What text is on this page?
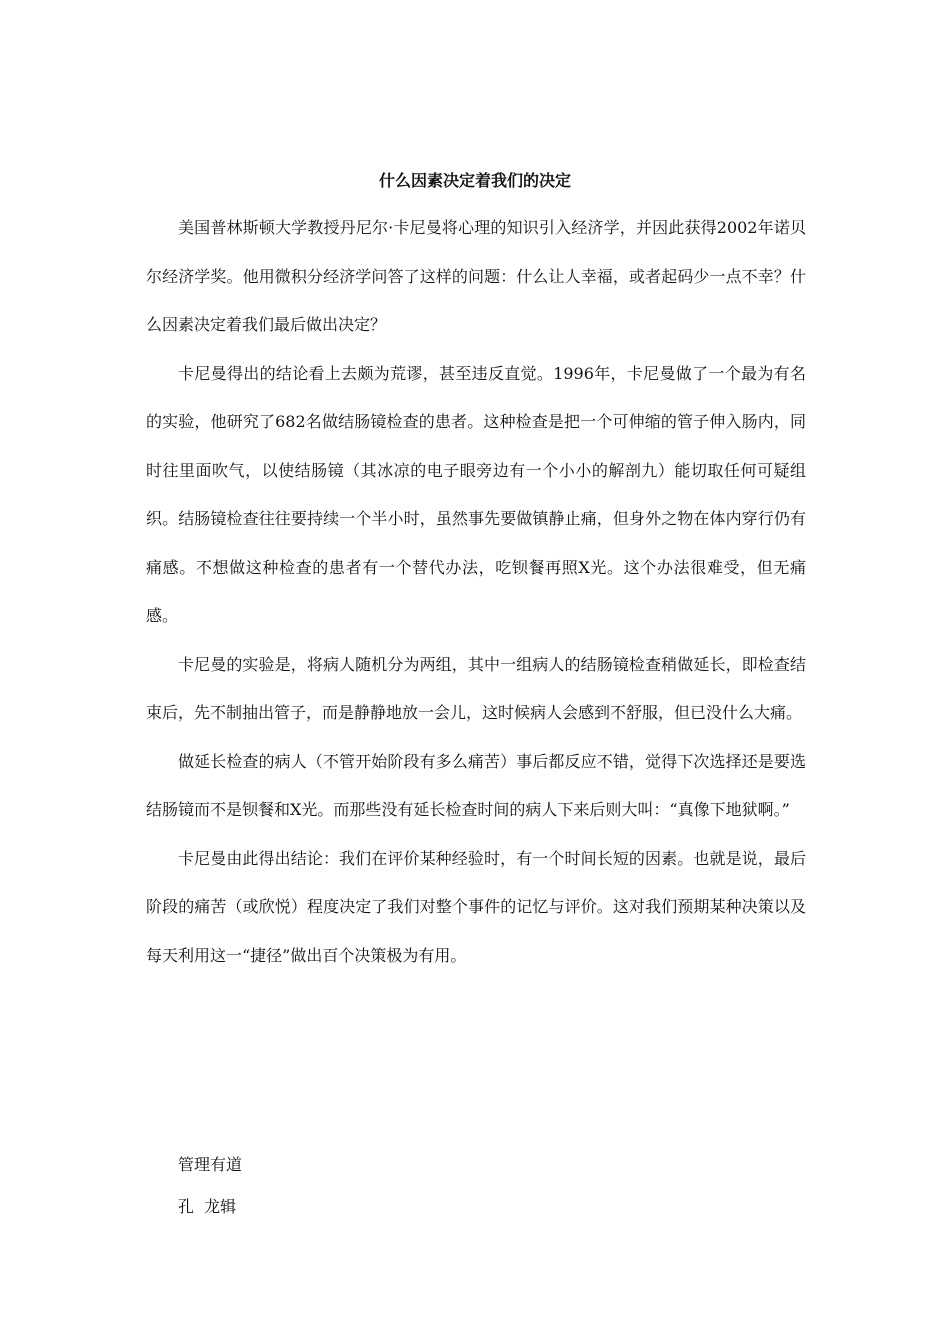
什么因素决定着我们的决定

美国普林斯顿大学教授丹尼尔·卡尼曼将心理的知识引入经济学，并因此获得2002年诺贝尔经济学奖。他用微积分经济学问答了这样的问题：什么让人幸福，或者起码少一点不幸？什么因素决定着我们最后做出决定？

卡尼曼得出的结论看上去颇为荒谬，甚至违反直觉。1996年，卡尼曼做了一个最为有名的实验，他研究了682名做结肠镜检查的患者。这种检查是把一个可伸缩的管子伸入肠内，同时往里面吹气，以使结肠镜（其冰凉的电子眼旁边有一个小小的解剖九）能切取任何可疑组织。结肠镜检查往往要持续一个半小时，虽然事先要做镇静止痛，但身外之物在体内穿行仍有痛感。不想做这种检查的患者有一个替代办法，吃钡餐再照X光。这个办法很难受，但无痛感。

卡尼曼的实验是，将病人随机分为两组，其中一组病人的结肠镜检查稍做延长，即检查结束后，先不制抽出管子，而是静静地放一会儿，这时候病人会感到不舒服，但已没什么大痛。

做延长检查的病人（不管开始阶段有多么痛苦）事后都反应不错，觉得下次选择还是要选结肠镜而不是钡餐和X光。而那些没有延长检查时间的病人下来后则大叫：“真像下地狱啊。”

卡尼曼由此得出结论：我们在评价某种经验时，有一个时间长短的因素。也就是说，最后阶段的痛苦（或欣悦）程度决定了我们对整个事件的记忆与评价。这对我们预期某种决策以及每天利用这一“捷径”做出百个决策极为有用。

管理有道
孔  龙辑
